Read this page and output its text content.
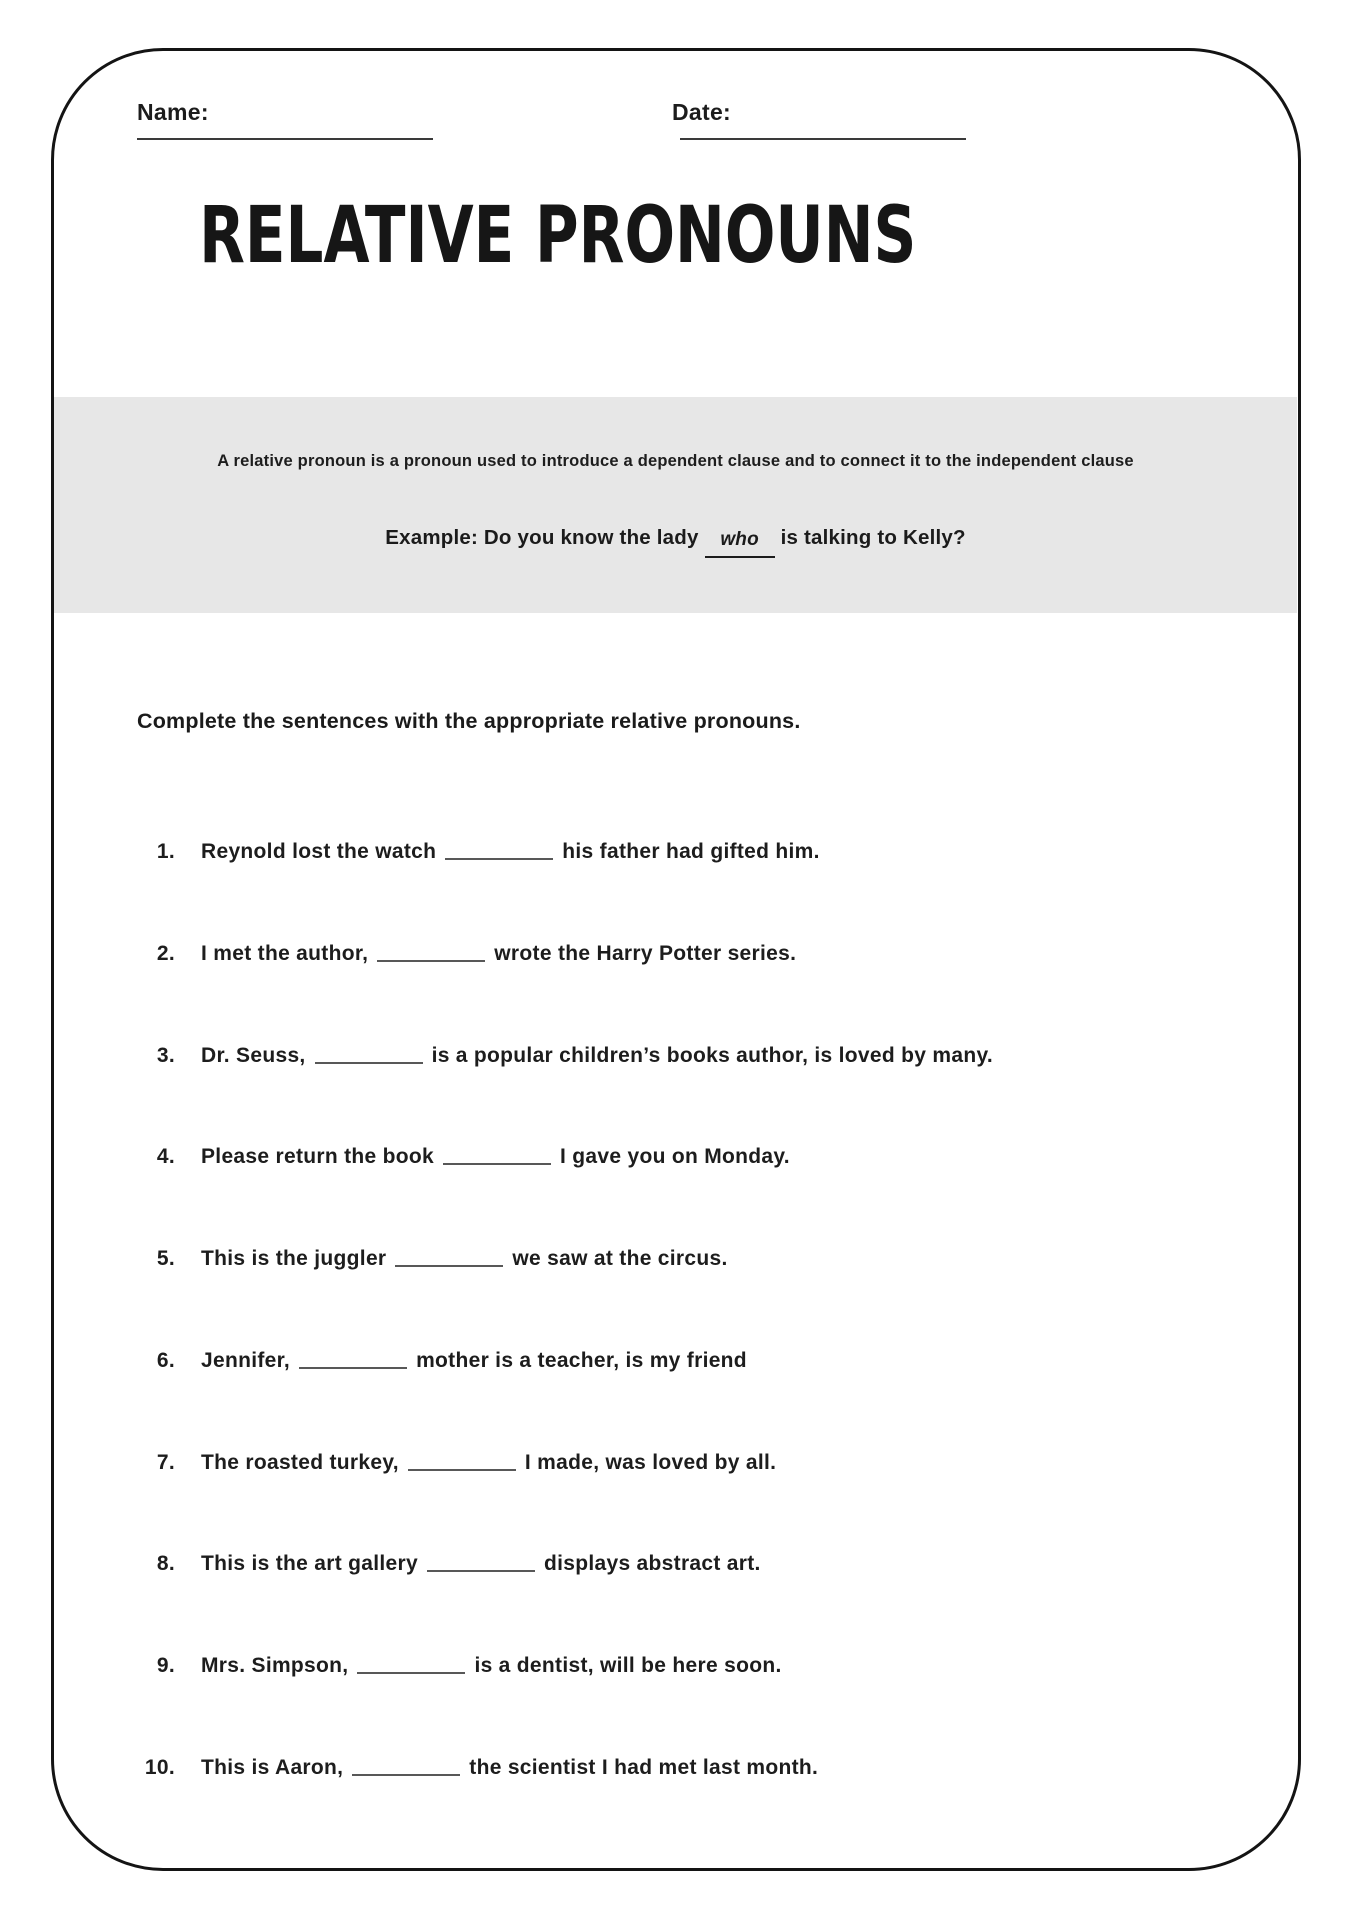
Name:	Date:
RELATIVE PRONOUNS

A relative pronoun is a pronoun used to introduce a dependent clause and to connect it to the independent clause

Example: Do you know the lady who is talking to Kelly?

Complete the sentences with the appropriate relative pronouns.
1. Reynold lost the watch	his father had gifted him.
2. I met the author,	wrote the Harry Potter series.
3. Dr. Seuss,	is a popular children’s books author, is loved by many.
4. Please return the book	I gave you on Monday.
5. This is the juggler	we saw at the circus.
6. Jennifer,	mother is a teacher, is my friend
7. The roasted turkey,	I made, was loved by all.
8. This is the art gallery	displays abstract art.
9. Mrs. Simpson,	is a dentist, will be here soon.
10. This is Aaron,	the scientist I had met last month.
